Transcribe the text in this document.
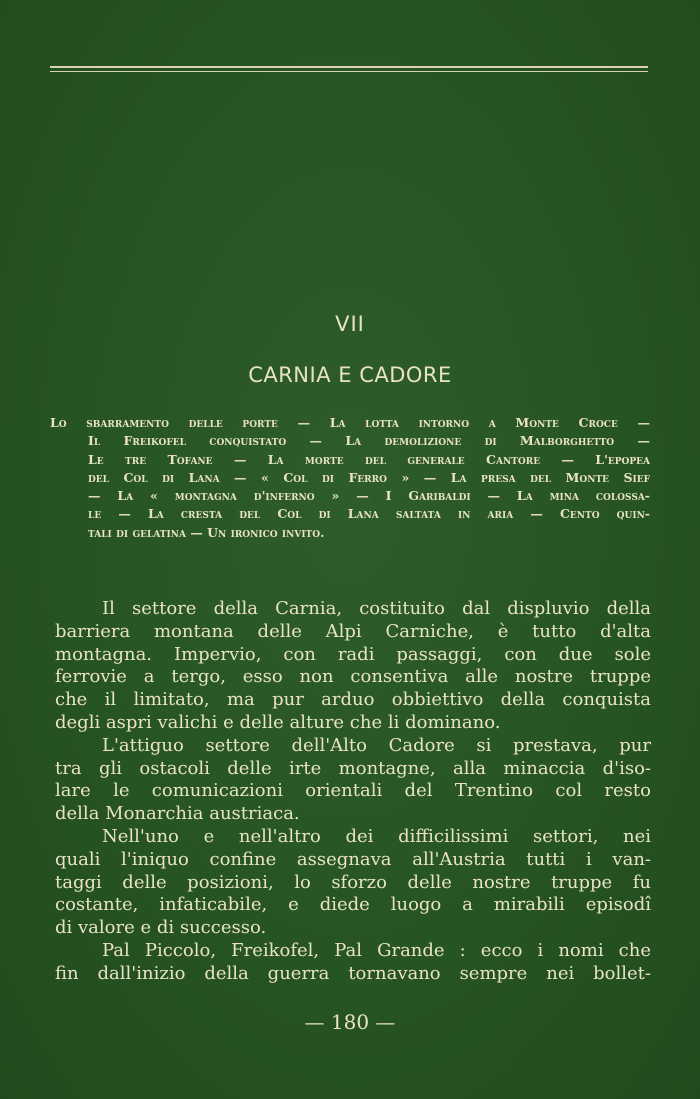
VII
CARNIA E CADORE
Lo sbarramento delle porte — La lotta intorno a Monte Croce —
Il Freikofel conquistato — La demolizione di Malborghetto —
Le tre Tofane — La morte del generale Cantore — L'epopea
del Col di Lana — « Col di Ferro » — La presa del Monte Sief
— La « montagna d'inferno » — I Garibaldi — La mina colossa-
le — La cresta del Col di Lana saltata in aria — Cento quin-
tali di gelatina — Un ironico invito.
Il settore della Carnia, costituito dal displuvio della
barriera montana delle Alpi Carniche, è tutto d'alta
montagna. Impervio, con radi passaggi, con due sole
ferrovie a tergo, esso non consentiva alle nostre truppe
che il limitato, ma pur arduo obbiettivo della conquista
degli aspri valichi e delle alture che li dominano.
L'attiguo settore dell'Alto Cadore si prestava, pur
tra gli ostacoli delle irte montagne, alla minaccia d'iso-
lare le comunicazioni orientali del Trentino col resto
della Monarchia austriaca.
Nell'uno e nell'altro dei difficilissimi settori, nei
quali l'iniquo confine assegnava all'Austria tutti i van-
taggi delle posizioni, lo sforzo delle nostre truppe fu
costante, infaticabile, e diede luogo a mirabili episodî
di valore e di successo.
Pal Piccolo, Freikofel, Pal Grande : ecco i nomi che
fin dall'inizio della guerra tornavano sempre nei bollet-
— 180 —
